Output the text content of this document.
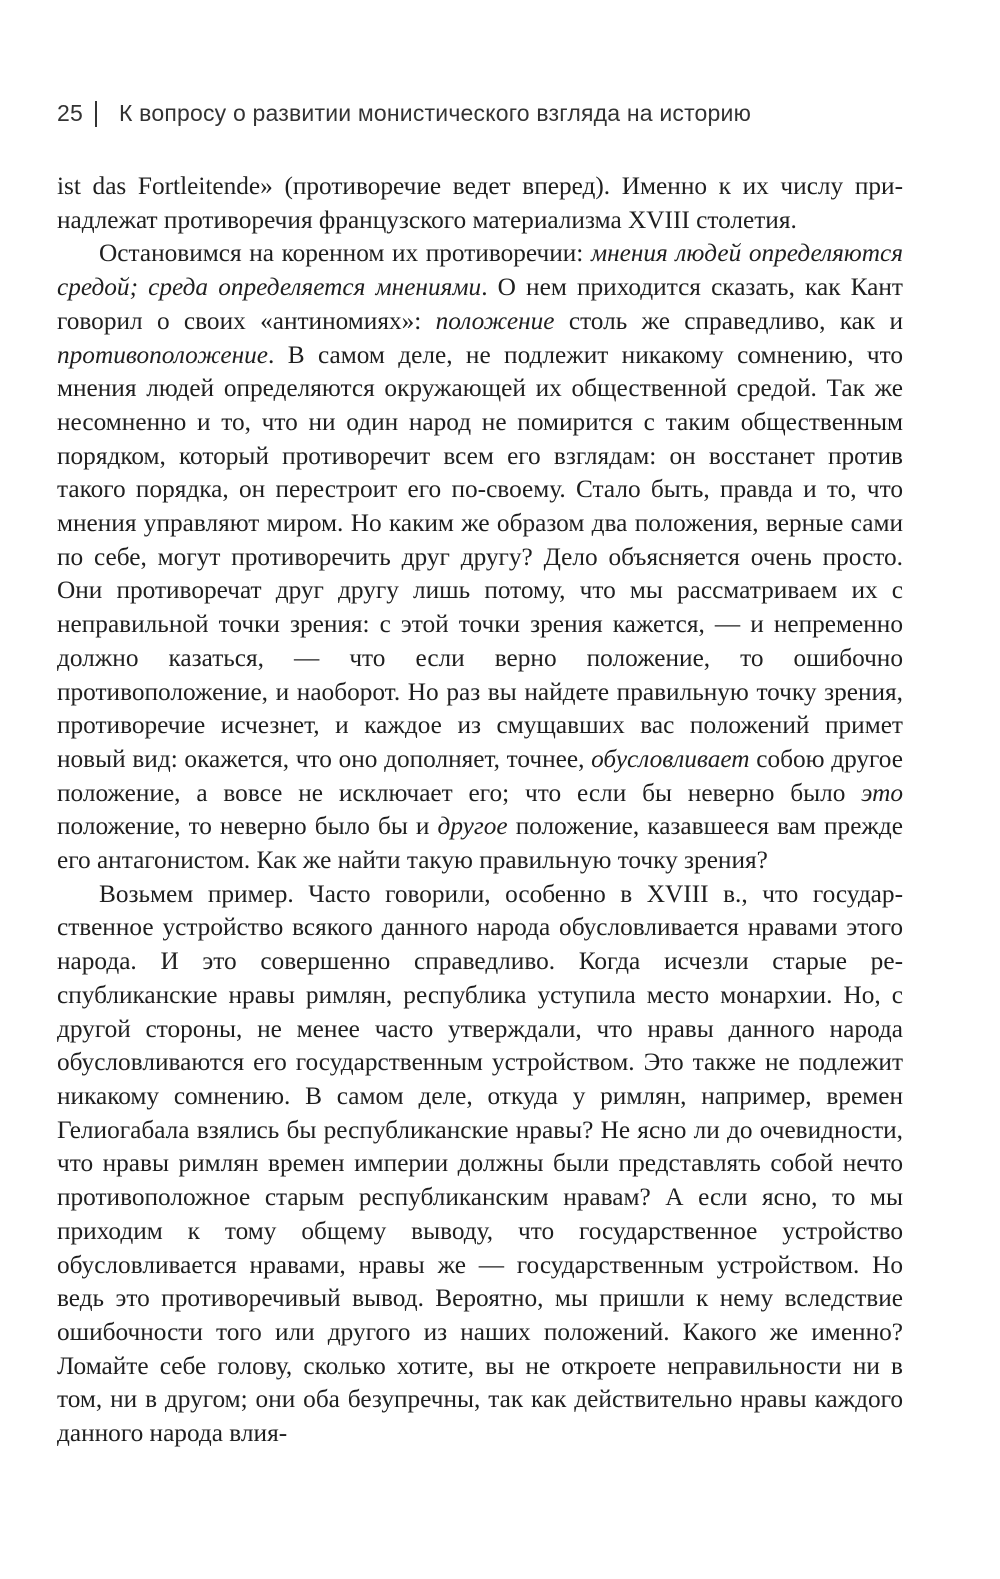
25 К вопросу о развитии монистического взгляда на историю

ist das Fortleitende» (противоречие ведет вперед). Именно к их числу принадлежат противоречия французского материализма XVIII столетия.

Остановимся на коренном их противоречии: мнения людей определяются средой; среда определяется мнениями. О нем приходится сказать, как Кант говорил о своих «антиномиях»: положение столь же справедливо, как и противоположение. В самом деле, не подлежит никакому сомнению, что мнения людей определяются окружающей их общественной средой. Так же несомненно и то, что ни один народ не помирится с таким общественным порядком, который противоречит всем его взглядам: он восстанет против такого порядка, он перестроит его по-своему. Стало быть, правда и то, что мнения управляют миром. Но каким же образом два положения, верные сами по себе, могут противоречить друг другу? Дело объясняется очень просто. Они противоречат друг другу лишь потому, что мы рассматриваем их с неправильной точки зрения: с этой точки зрения кажется, — и непременно должно казаться, — что если верно положение, то ошибочно противоположение, и наоборот. Но раз вы найдете правильную точку зрения, противоречие исчезнет, и каждое из смущавших вас положений примет новый вид: окажется, что оно дополняет, точнее, обусловливает собою другое положение, а вовсе не исключает его; что если бы неверно было это положение, то неверно было бы и другое положение, казавшееся вам прежде его антагонистом. Как же найти такую правильную точку зрения?

Возьмем пример. Часто говорили, особенно в XVIII в., что государственное устройство всякого данного народа обусловливается нравами этого народа. И это совершенно справедливо. Когда исчезли старые республиканские нравы римлян, республика уступила место монархии. Но, с другой стороны, не менее часто утверждали, что нравы данного народа обусловливаются его государственным устройством. Это также не подлежит никакому сомнению. В самом деле, откуда у римлян, например, времен Гелиогабала взялись бы республиканские нравы? Не ясно ли до очевидности, что нравы римлян времен империи должны были представлять собой нечто противоположное старым республиканским нравам? А если ясно, то мы приходим к тому общему выводу, что государственное устройство обусловливается нравами, нравы же — государственным устройством. Но ведь это противоречивый вывод. Вероятно, мы пришли к нему вследствие ошибочности того или другого из наших положений. Какого же именно? Ломайте себе голову, сколько хотите, вы не откроете неправильности ни в том, ни в другом; они оба безупречны, так как действительно нравы каждого данного народа влия-
